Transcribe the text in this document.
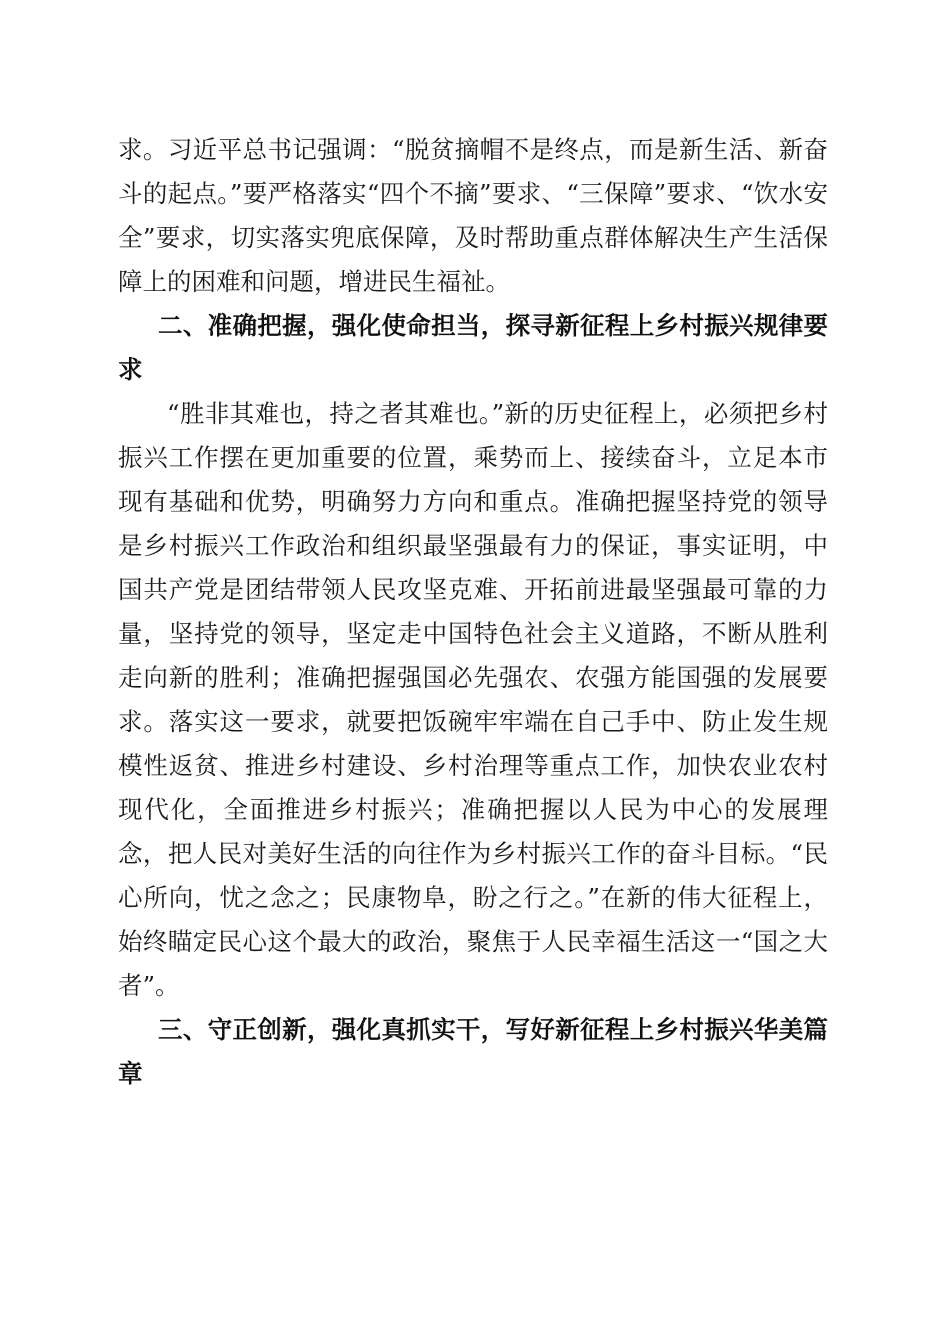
求。习近平总书记强调：“脱贫摘帽不是终点，而是新生活、新奋斗的起点。”要严格落实“四个不摘”要求、“三保障”要求、“饮水安全”要求，切实落实兜底保障，及时帮助重点群体解决生产生活保障上的困难和问题，增进民生福祉。

二、准确把握，强化使命担当，探寻新征程上乡村振兴规律要求

“胜非其难也，持之者其难也。”新的历史征程上，必须把乡村振兴工作摆在更加重要的位置，乘势而上、接续奋斗，立足本市现有基础和优势，明确努力方向和重点。准确把握坚持党的领导是乡村振兴工作政治和组织最坚强最有力的保证，事实证明，中国共产党是团结带领人民攻坚克难、开拓前进最坚强最可靠的力量，坚持党的领导，坚定走中国特色社会主义道路，不断从胜利走向新的胜利；准确把握强国必先强农、农强方能国强的发展要求。落实这一要求，就要把饭碗牢牢端在自己手中、防止发生规模性返贫、推进乡村建设、乡村治理等重点工作，加快农业农村现代化，全面推进乡村振兴；准确把握以人民为中心的发展理念，把人民对美好生活的向往作为乡村振兴工作的奋斗目标。“民心所向，忧之念之；民康物阜，盼之行之。”在新的伟大征程上，始终瞄定民心这个最大的政治，聚焦于人民幸福生活这一“国之大者”。

三、守正创新，强化真抓实干，写好新征程上乡村振兴华美篇章
